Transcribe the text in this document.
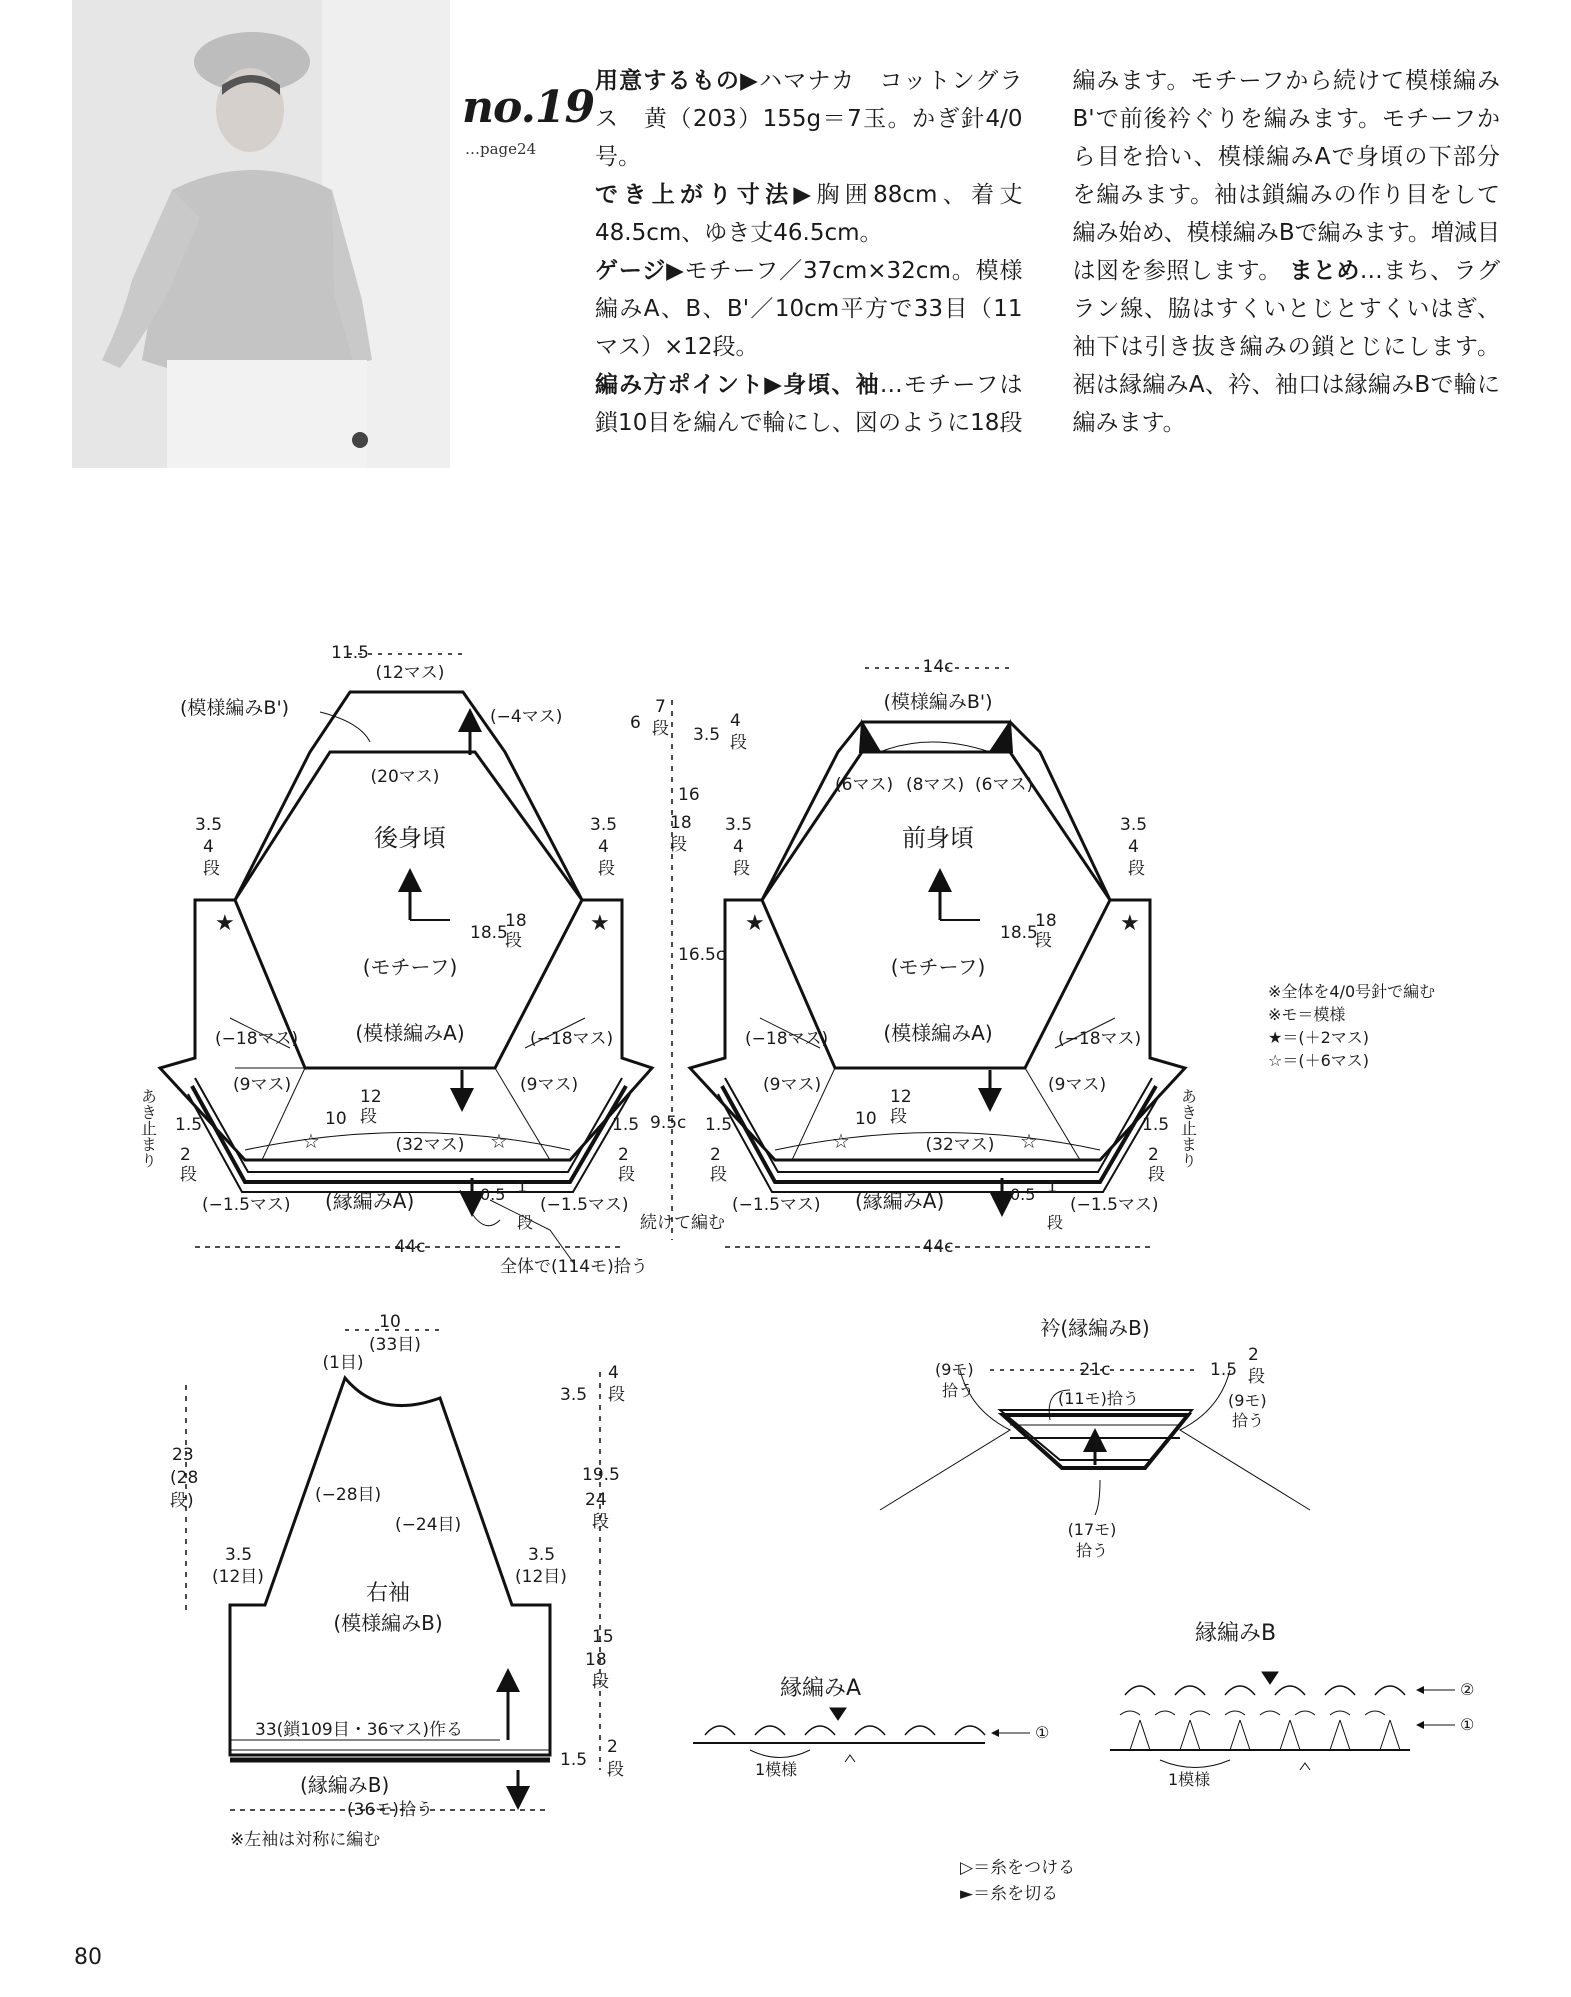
no.19
…page24

用意するもの▶ハマナカ　コットングラス　黄（203）155g＝7玉。かぎ針4/0号。

でき上がり寸法▶胸囲88cm、着丈48.5cm、ゆき丈46.5cm。

ゲージ▶モチーフ／37cm×32cm。模様編みA、B、B'／10cm平方で33目（11マス）×12段。

編み方ポイント▶身頃、袖…モチーフは鎖10目を編んで輪にし、図のように18段編みます。モチーフから続けて模様編みB'で前後衿ぐりを編みます。モチーフから目を拾い、模様編みAで身頃の下部分を編みます。袖は鎖編みの作り目をして編み始め、模様編みBで編みます。増減目は図を参照します。 まとめ…まち、ラグラン線、脇はすくいとじとすくいはぎ、袖下は引き抜き編みの鎖とじにします。裾は縁編みA、衿、袖口は縁編みBで輪に編みます。

※全体を4/0号針で編む
※モ＝模様
★＝(＋2マス)
☆＝(＋6マス)
11.5
(12マス)
(模様編みB')	(−4マス)
(20マス)
後身頃
18.5
18
段
(モチーフ)
(模様編みA)
(−18マス)	(−18マス)
(9マス)	(9マス)
10
12
段
(32マス)
(縁編みA)
(−1.5マス)	(−1.5マス)
0.5 1
段
44c
3.5
4
段
3.5
4
段
1.5
2
段
1.5
2
段
あき止まり
続けて編む
全体で(114モ)拾う
★	★
☆	☆
6
7
段 3.5
4
段
16
18
段
16.5c
9.5c
14c
(模様編みB')
(6マス) (8マス) (6マス)
前身頃
18.5
18
段
(モチーフ)
(模様編みA)
(−18マス)	(−18マス)
(9マス)	(9マス)
10
12
段
(32マス)
(縁編みA)
(−1.5マス)	(−1.5マス)
0.5 1
段
44c
3.5
4
段
3.5
4
段
1.5
2
段
1.5
2
段
あき止まり
★	★
☆	☆
10
(33目)
(1目)
(−28目)
(−24目)
3.5
(12目)
3.5
(12目)
右袖
(模様編みB)
23
(28
段)
3.5
4
段
19.5
24
段
15
18
段
1.5
2
段
33(鎖109目・36マス)作る
(縁編みB)
(36モ)拾う
※左袖は対称に編む
衿(縁編みB)
21c	1.5
2
段
(9モ)
拾う	(11モ)拾う	(9モ)
拾う
(17モ)
拾う
縁編みA
1模様
①
縁編みB
1模様
②
①
▷＝糸をつける
►＝糸を切る
80
